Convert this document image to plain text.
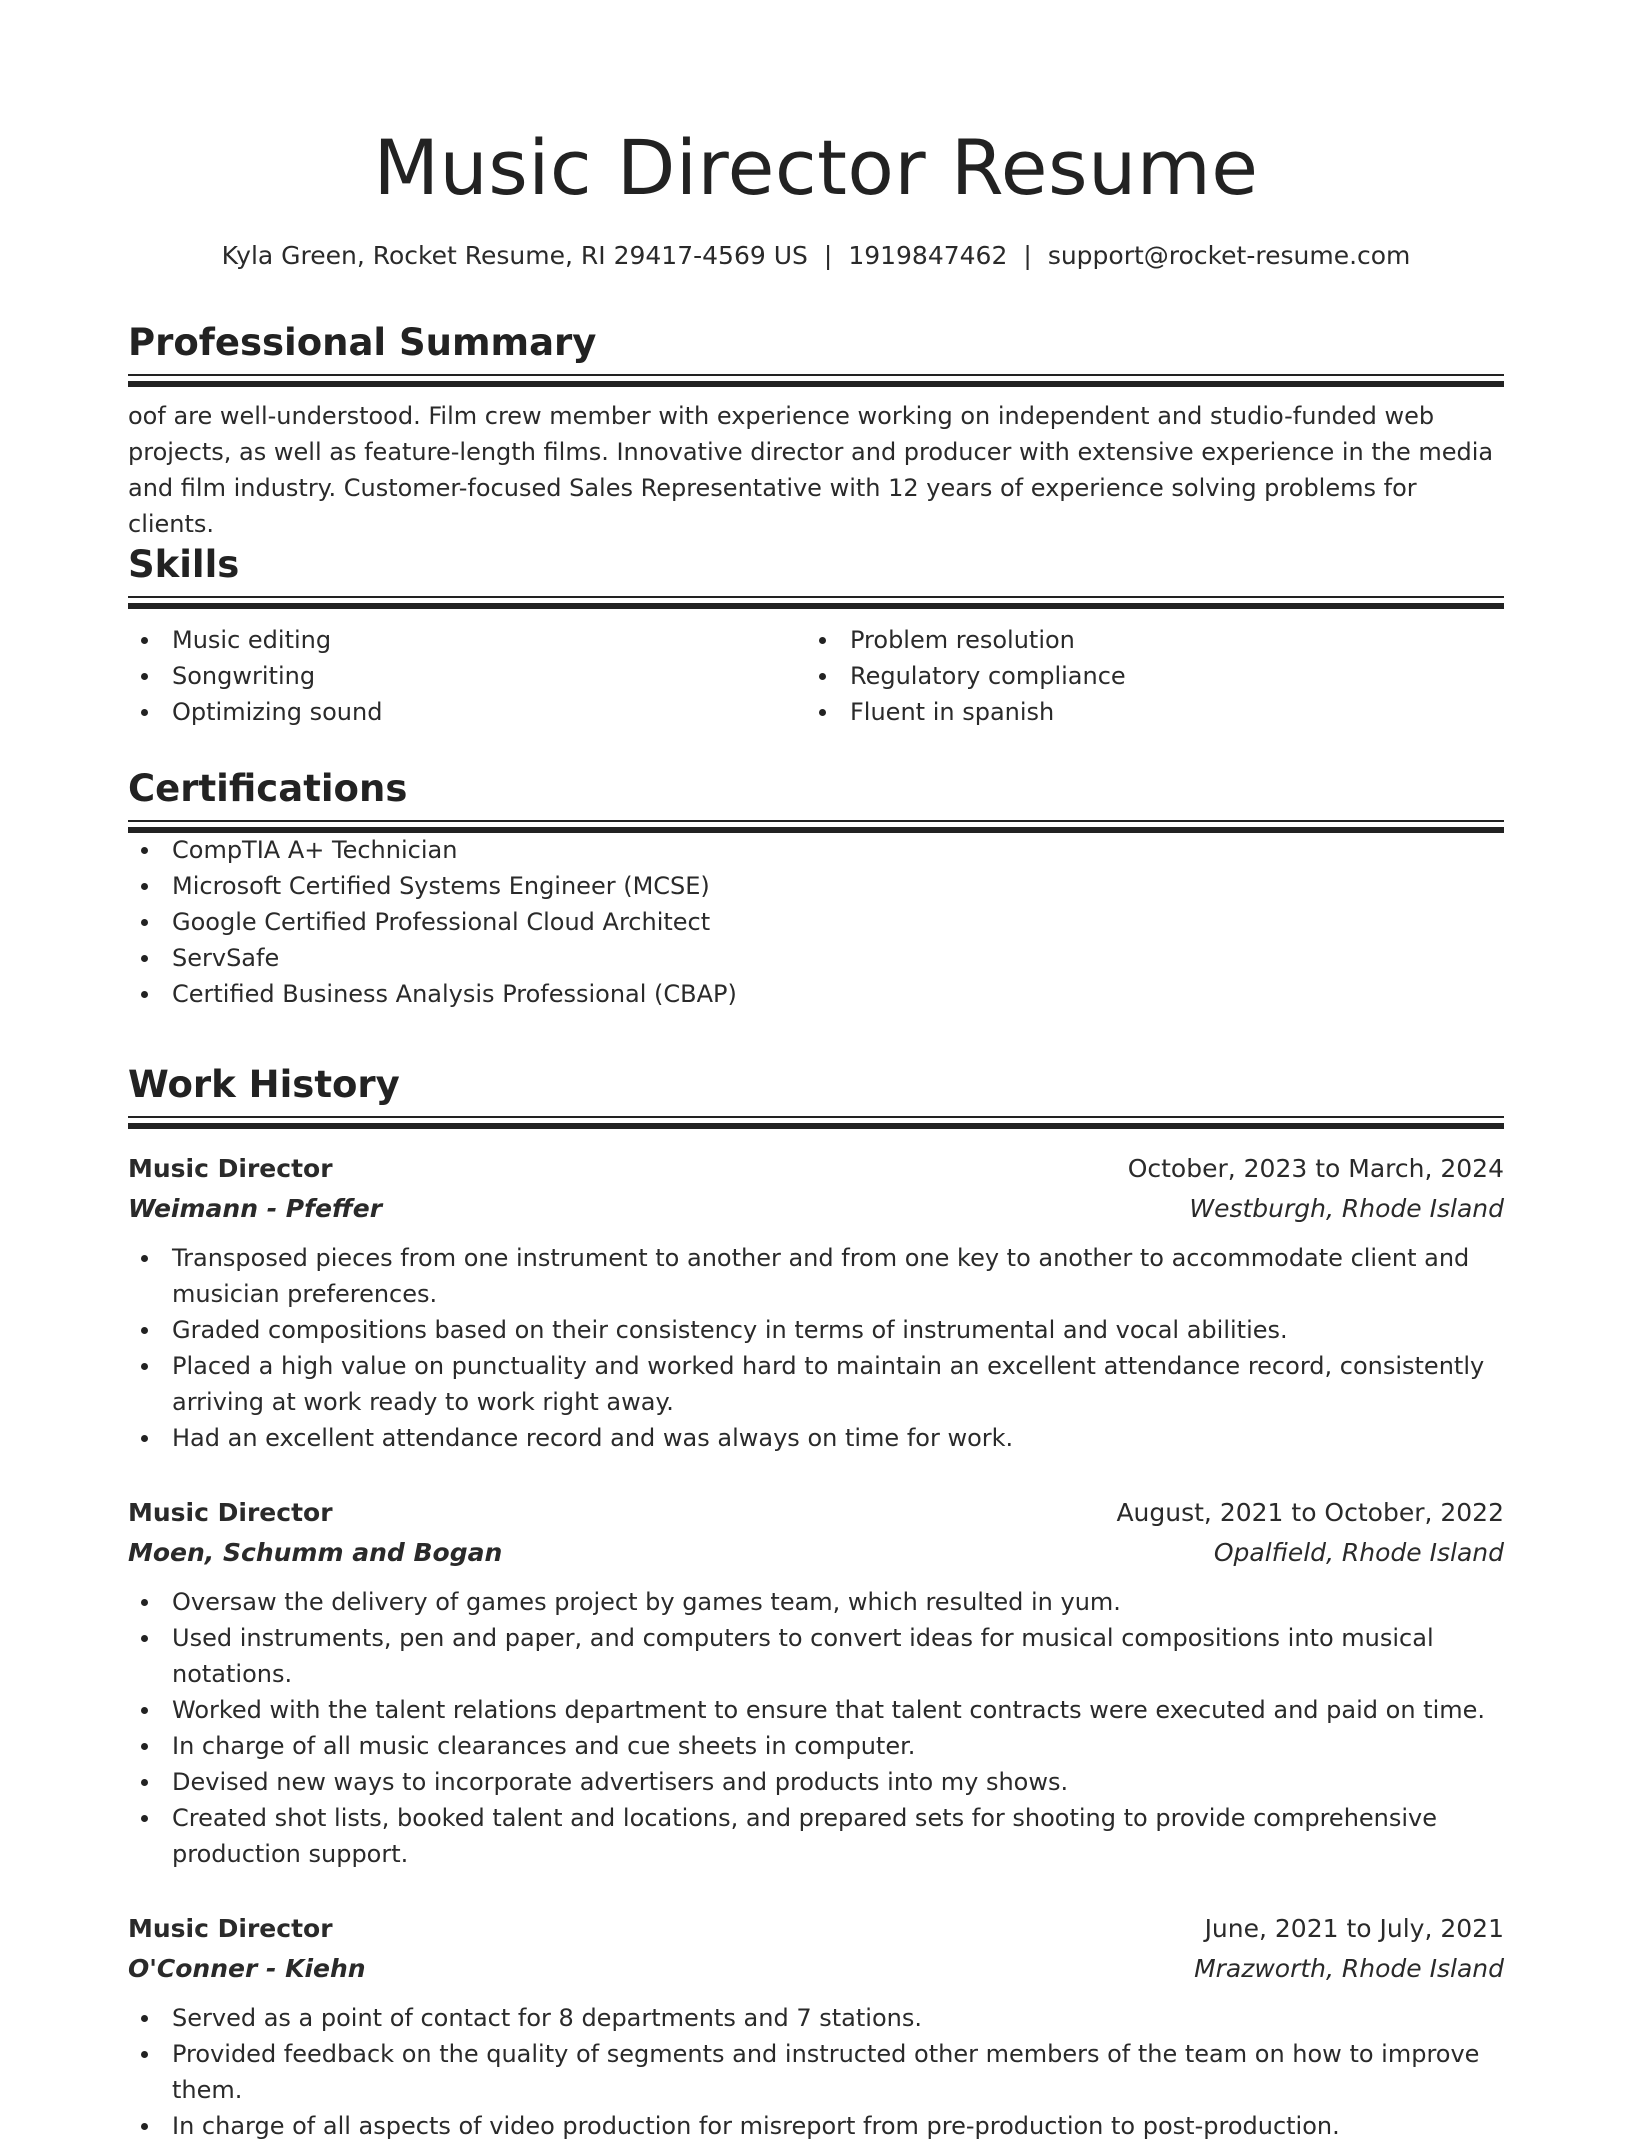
Music Director Resume
Kyla Green, Rocket Resume, RI 29417-4569 US | 1919847462 | support@rocket-resume.com
Professional Summary
oof are well-understood. Film crew member with experience working on independent and studio-funded web projects, as well as feature-length films. Innovative director and producer with extensive experience in the media and film industry. Customer-focused Sales Representative with 12 years of experience solving problems for clients.
Skills
Music editing
Songwriting
Optimizing sound
Problem resolution
Regulatory compliance
Fluent in spanish
Certifications
CompTIA A+ Technician
Microsoft Certified Systems Engineer (MCSE)
Google Certified Professional Cloud Architect
ServSafe
Certified Business Analysis Professional (CBAP)
Work History
Music Director	October, 2023 to March, 2024
Weimann - Pfeffer	Westburgh, Rhode Island
Transposed pieces from one instrument to another and from one key to another to accommodate client and musician preferences.
Graded compositions based on their consistency in terms of instrumental and vocal abilities.
Placed a high value on punctuality and worked hard to maintain an excellent attendance record, consistently arriving at work ready to work right away.
Had an excellent attendance record and was always on time for work.
Music Director	August, 2021 to October, 2022
Moen, Schumm and Bogan	Opalfield, Rhode Island
Oversaw the delivery of games project by games team, which resulted in yum.
Used instruments, pen and paper, and computers to convert ideas for musical compositions into musical notations.
Worked with the talent relations department to ensure that talent contracts were executed and paid on time.
In charge of all music clearances and cue sheets in computer.
Devised new ways to incorporate advertisers and products into my shows.
Created shot lists, booked talent and locations, and prepared sets for shooting to provide comprehensive production support.
Music Director	June, 2021 to July, 2021
O'Conner - Kiehn	Mrazworth, Rhode Island
Served as a point of contact for 8 departments and 7 stations.
Provided feedback on the quality of segments and instructed other members of the team on how to improve them.
In charge of all aspects of video production for misreport from pre-production to post-production.
